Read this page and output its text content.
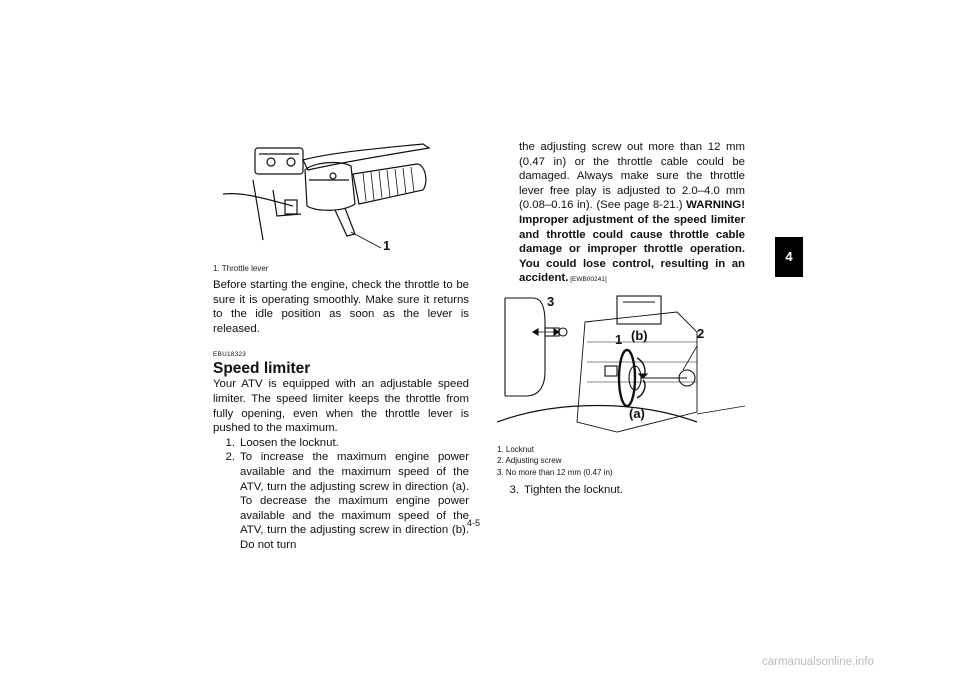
4
1
1. Throttle lever
Before starting the engine, check the throttle to be sure it is operating smoothly. Make sure it returns to the idle position as soon as the lever is released.
EBU18323
Speed limiter
Your ATV is equipped with an adjustable speed limiter. The speed limiter keeps the throttle from fully opening, even when the throttle lever is pushed to the maximum.
1. Loosen the locknut.
2. To increase the maximum engine power available and the maximum speed of the ATV, turn the adjusting screw in direction (a). To decrease the maximum engine power available and the maximum speed of the ATV, turn the adjusting screw in direction (b). Do not turn
the adjusting screw out more than 12 mm (0.47 in) or the throttle cable could be damaged. Always make sure the throttle lever free play is adjusted to 2.0–4.0 mm (0.08–0.16 in). (See page 8-21.) WARNING! Improper adjustment of the speed limiter and throttle could cause throttle cable damage or improper throttle operation. You could lose control, resulting in an accident. [EWB00241]
3
1 (b)	2
(a)
1. Locknut
2. Adjusting screw
3. No more than 12 mm (0.47 in)
3. Tighten the locknut.
4-5
carmanualsonline.info
